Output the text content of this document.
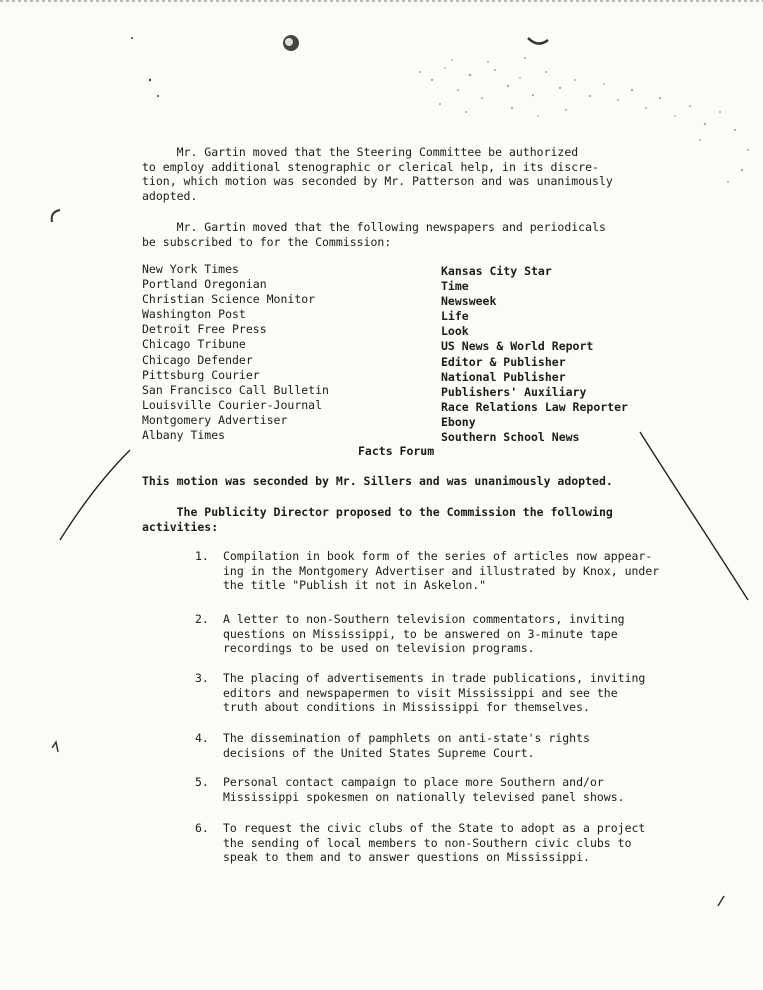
Mr. Gartin moved that the Steering Committee be authorized
to employ additional stenographic or clerical help, in its discre-
tion, which motion was seconded by Mr. Patterson and was unanimously
adopted.

Mr. Gartin moved that the following newspapers and periodicals
be subscribed to for the Commission:

New York Times
Portland Oregonian
Christian Science Monitor
Washington Post
Detroit Free Press
Chicago Tribune
Chicago Defender
Pittsburg Courier
San Francisco Call Bulletin
Louisville Courier-Journal
Montgomery Advertiser
Albany Times
Kansas City Star
Time
Newsweek
Life
Look
US News & World Report
Editor & Publisher
National Publisher
Publishers' Auxiliary
Race Relations Law Reporter
Ebony
Southern School News

Facts Forum

This motion was seconded by Mr. Sillers and was unanimously adopted.

The Publicity Director proposed to the Commission the following
activities:

1. Compilation in book form of the series of articles now appear-
ing in the Montgomery Advertiser and illustrated by Knox, under
the title "Publish it not in Askelon."

2. A letter to non-Southern television commentators, inviting
questions on Mississippi, to be answered on 3-minute tape
recordings to be used on television programs.

3. The placing of advertisements in trade publications, inviting
editors and newspapermen to visit Mississippi and see the
truth about conditions in Mississippi for themselves.

4. The dissemination of pamphlets on anti-state's rights
decisions of the United States Supreme Court.

5. Personal contact campaign to place more Southern and/or
Mississippi spokesmen on nationally televised panel shows.

6. To request the civic clubs of the State to adopt as a project
the sending of local members to non-Southern civic clubs to
speak to them and to answer questions on Mississippi.
